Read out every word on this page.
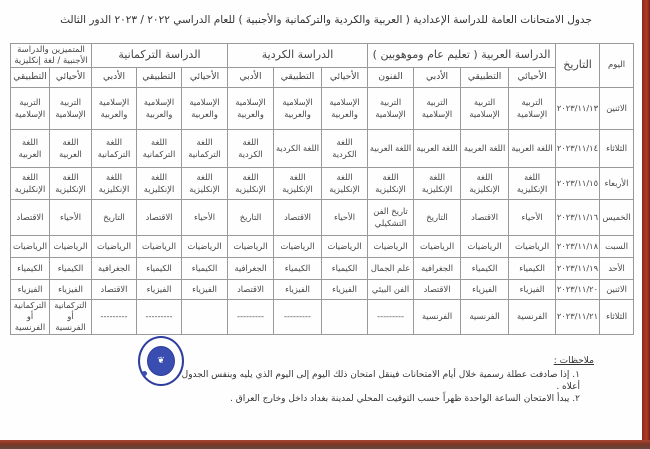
جدول الامتحانات العامة للدراسة الإعدادية ( العربية والكردية والتركمانية والأجنبية ) للعام الدراسي ٢٠٢٢ / ٢٠٢٣ الدور الثالث
اليوم	التاريخ	الدراسة العربية ( تعليم عام وموهوبين )				الدراسة الكردية			الدراسة التركمانية			المتميزين والدراسة الأجنبية / لغة إنكليزية	
		الأحيائي	التطبيقي	الأدبي	الفنون	الأحيائي	التطبيقي	الأدبي	الأحيائي	التطبيقي	الأدبي	الأحيائي	التطبيقي
الاثنين	٢٠٢٣/١١/١٣	التربية الإسلامية	التربية الإسلامية	التربية الإسلامية	التربية الإسلامية	الإسلامية والعربية	الإسلامية والعربية	الإسلامية والعربية	الإسلامية والعربية	الإسلامية والعربية	الإسلامية والعربية	التربية الإسلامية	التربية الإسلامية
الثلاثاء	٢٠٢٣/١١/١٤	اللغة العربية	اللغة العربية	اللغة العربية	اللغة العربية	اللغة الكردية	اللغة الكردية	اللغة الكردية	اللغة التركمانية	اللغة التركمانية	اللغة التركمانية	اللغة العربية	اللغة العربية
الأربعاء	٢٠٢٣/١١/١٥	اللغة الإنكليزية	اللغة الإنكليزية	اللغة الإنكليزية	اللغة الإنكليزية	اللغة الإنكليزية	اللغة الإنكليزية	اللغة الإنكليزية	اللغة الإنكليزية	اللغة الإنكليزية	اللغة الإنكليزية	اللغة الإنكليزية	اللغة الإنكليزية
الخميس	٢٠٢٣/١١/١٦	الأحياء	الاقتصاد	التاريخ	تاريخ الفن التشكيلي	الأحياء	الاقتصاد	التاريخ	الأحياء	الاقتصاد	التاريخ	الأحياء	الاقتصاد
السبت	٢٠٢٣/١١/١٨	الرياضيات	الرياضيات	الرياضيات	الرياضيات	الرياضيات	الرياضيات	الرياضيات	الرياضيات	الرياضيات	الرياضيات	الرياضيات	الرياضيات
الأحد	٢٠٢٣/١١/١٩	الكيمياء	الكيمياء	الجغرافية	علم الجمال	الكيمياء	الكيمياء	الجغرافية	الكيمياء	الكيمياء	الجغرافية	الكيمياء	الكيمياء
الاثنين	٢٠٢٣/١١/٢٠	الفيزياء	الفيزياء	الاقتصاد	الفن البيئي	الفيزياء	الفيزياء	الاقتصاد	الفيزياء	الفيزياء	الاقتصاد	الفيزياء	الفيزياء
الثلاثاء	٢٠٢٣/١١/٢١	الفرنسية	الفرنسية	الفرنسية	---------		---------	---------		---------	---------	التركمانية أو الفرنسية	التركمانية أو الفرنسية
❦	ملاحظات :
١. إذا صادفت عطلة رسمية خلال أيام الامتحانات فينقل امتحان ذلك اليوم إلى اليوم الذي يليه وبنفس الجدول أعلاه .
٢. يبدأ الامتحان الساعة الواحدة ظهراً حسب التوقيت المحلي لمدينة بغداد داخل وخارج العراق .
